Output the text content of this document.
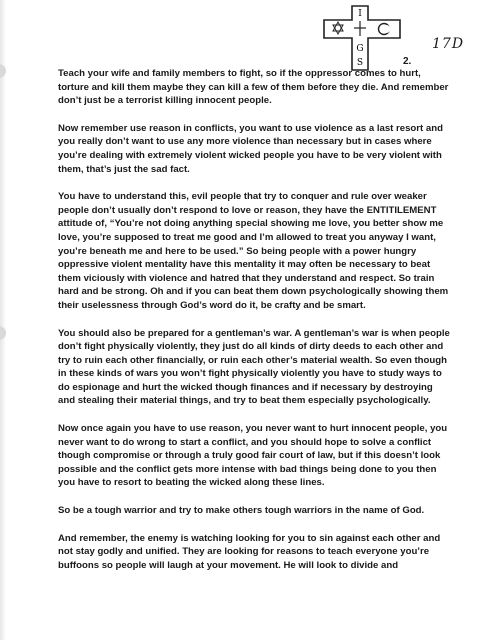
I
G
S	2.
17D

Teach your wife and family members to fight, so if the oppressor comes to hurt, torture and kill them maybe they can kill a few of them before they die. And remember don’t just be a terrorist killing innocent people.

Now remember use reason in conflicts, you want to use violence as a last resort and you really don’t want to use any more violence than necessary but in cases where you’re dealing with extremely violent wicked people you have to be very violent with them, that’s just the sad fact.

You have to understand this, evil people that try to conquer and rule over weaker people don’t usually don’t respond to love or reason, they have the ENTITILEMENT attitude of, “You’re not doing anything special showing me love, you better show me love, you’re supposed to treat me good and I’m allowed to treat you anyway I want, you’re beneath me and here to be used.” So being people with a power hungry oppressive violent mentality have this mentality it may often be necessary to beat them viciously with violence and hatred that they understand and respect. So train hard and be strong. Oh and if you can beat them down psychologically showing them their uselessness through God’s word do it, be crafty and be smart.

You should also be prepared for a gentleman’s war. A gentleman’s war is when people don’t fight physically violently, they just do all kinds of dirty deeds to each other and try to ruin each other financially, or ruin each other’s material wealth. So even though in these kinds of wars you won’t fight physically violently you have to study ways to do espionage and hurt the wicked though finances and if necessary by destroying and stealing their material things, and try to beat them especially psychologically.

Now once again you have to use reason, you never want to hurt innocent people, you never want to do wrong to start a conflict, and you should hope to solve a conflict though compromise or through a truly good fair court of law, but if this doesn’t look possible and the conflict gets more intense with bad things being done to you then you have to resort to beating the wicked along these lines.

So be a tough warrior and try to make others tough warriors in the name of God.

And remember, the enemy is watching looking for you to sin against each other and not stay godly and unified. They are looking for reasons to teach everyone you’re buffoons so people will laugh at your movement. He will look to divide and
